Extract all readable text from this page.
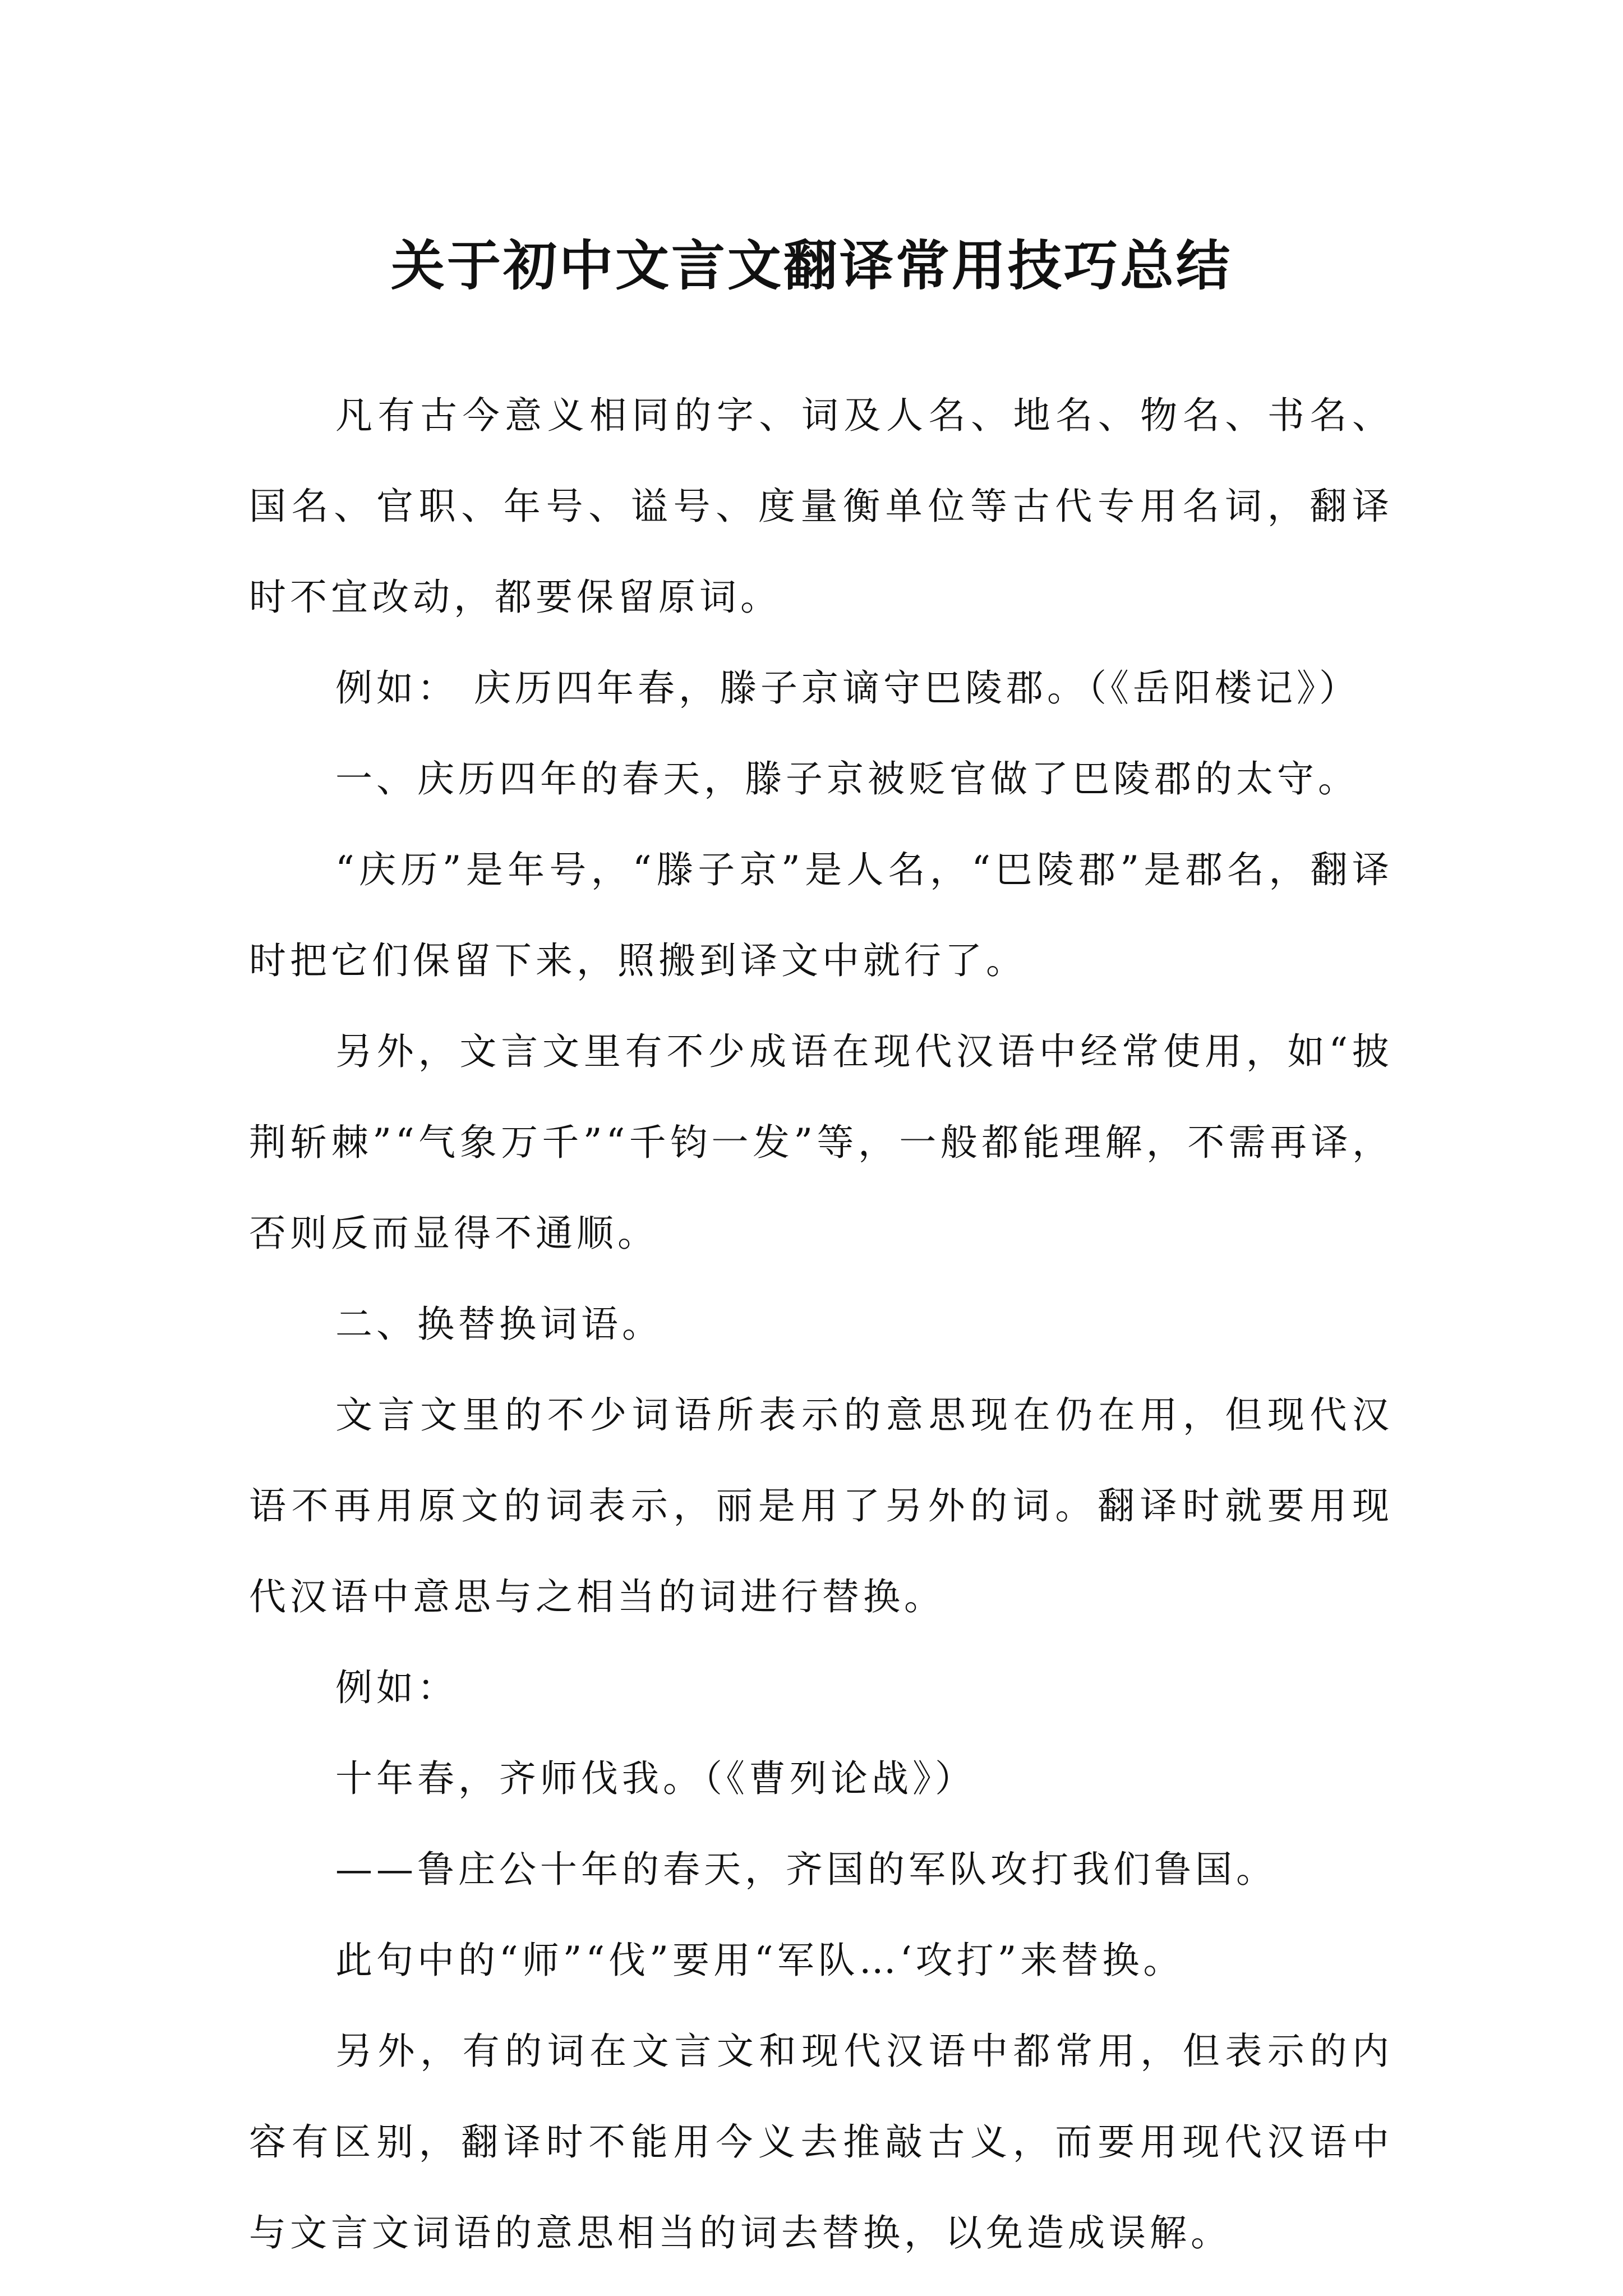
关于初中文言文翻译常用技巧总结

凡有古今意义相同的字、词及人名、地名、物名、书名、国名、官职、年号、谥号、度量衡单位等古代专用名词，翻译时不宜改动，都要保留原词。

例如： 庆历四年春，滕子京谪守巴陵郡。（《岳阳楼记》）

一、庆历四年的春天，滕子京被贬官做了巴陵郡的太守。

“庆历”是年号，“滕子京”是人名，“巴陵郡”是郡名，翻译时把它们保留下来，照搬到译文中就行了。

另外，文言文里有不少成语在现代汉语中经常使用，如“披荆斩棘”“气象万千”“千钧一发”等，一般都能理解，不需再译，否则反而显得不通顺。

二、换替换词语。

文言文里的不少词语所表示的意思现在仍在用，但现代汉语不再用原文的词表示，丽是用了另外的词。翻译时就要用现代汉语中意思与之相当的词进行替换。

例如：

十年春，齐师伐我。（《曹列论战》）

——鲁庄公十年的春天，齐国的军队攻打我们鲁国。

此句中的“师”“伐”要用“军队…‘攻打”来替换。

另外，有的词在文言文和现代汉语中都常用，但表示的内容有区别，翻译时不能用今义去推敲古义，而要用现代汉语中与文言文词语的意思相当的词去替换，以免造成误解。
